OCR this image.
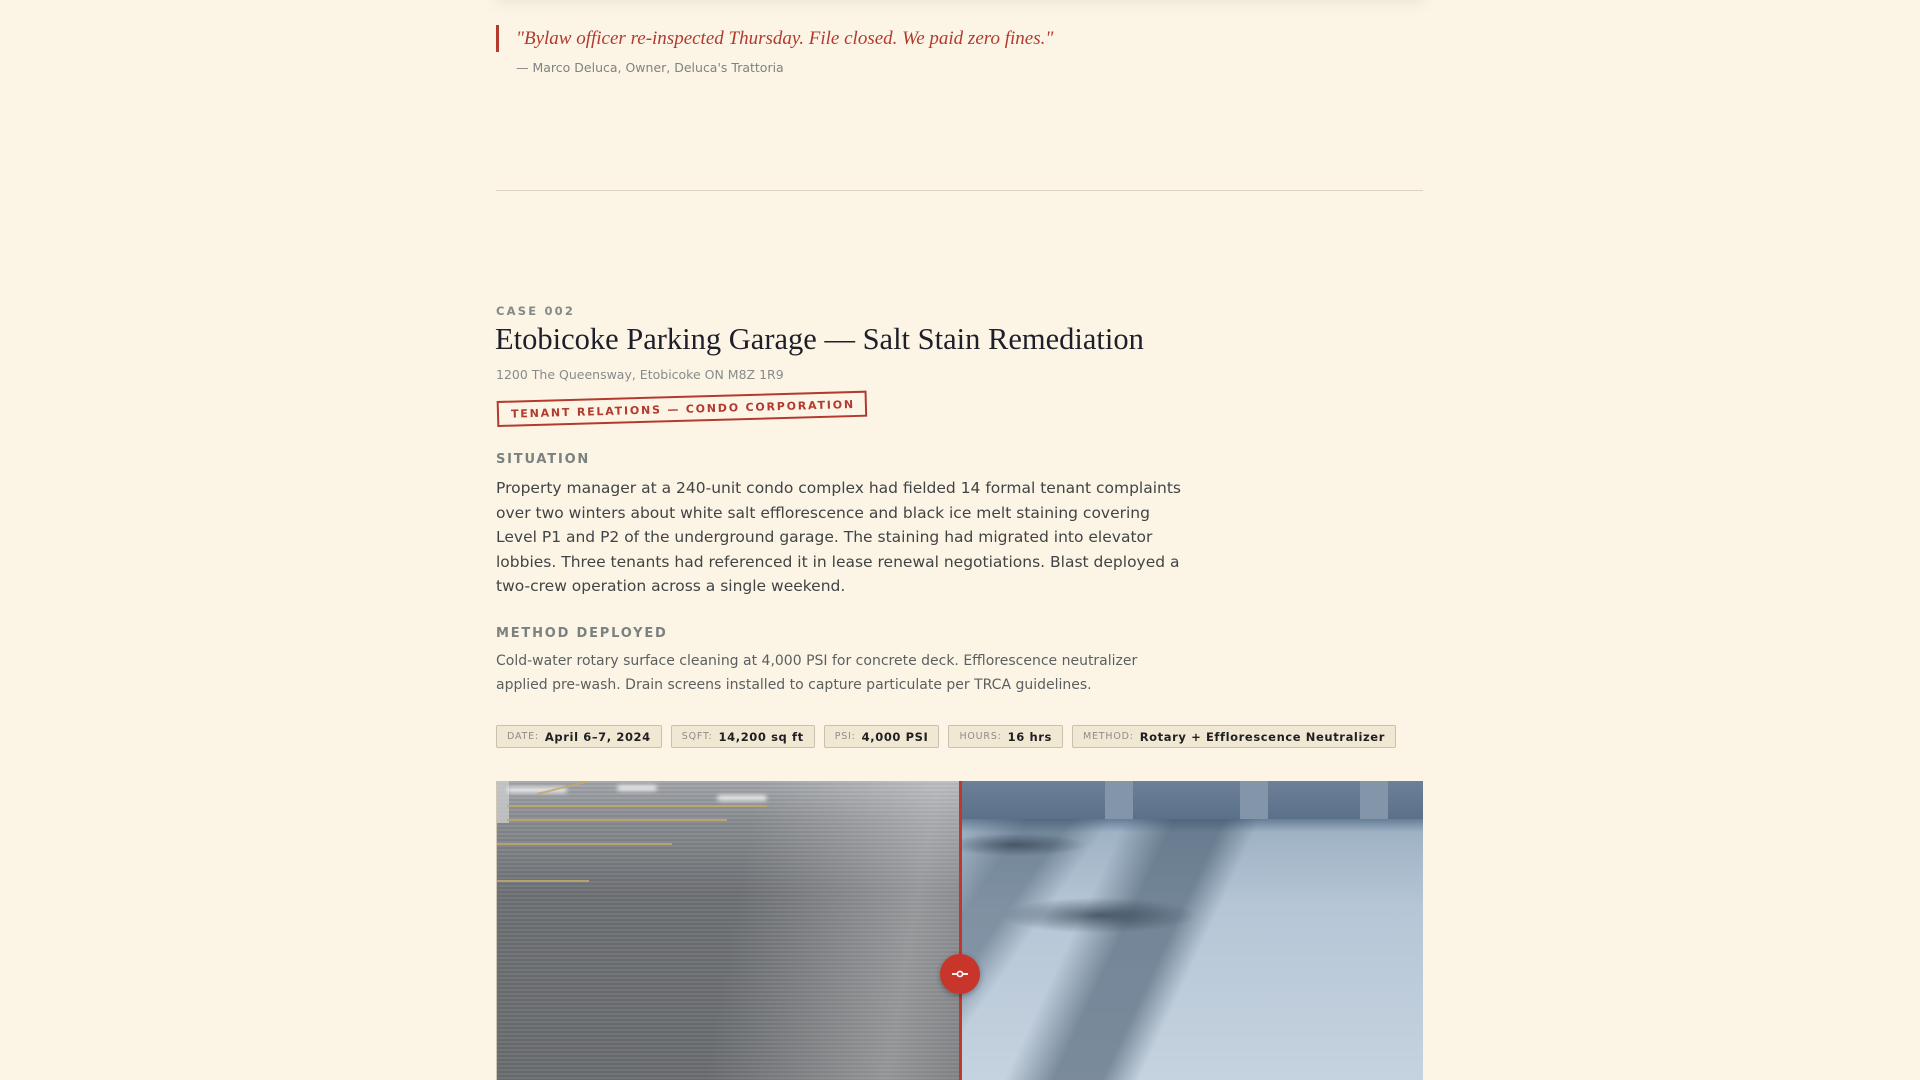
"Bylaw officer re-inspected Thursday. File closed. We paid zero fines."
— Marco Deluca, Owner, Deluca's Trattoria
CASE 002
Etobicoke Parking Garage — Salt Stain Remediation
1200 The Queensway, Etobicoke ON M8Z 1R9
TENANT RELATIONS — CONDO CORPORATION
SITUATION

Property manager at a 240-unit condo complex had fielded 14 formal tenant complaints over two winters about white salt efflorescence and black ice melt staining covering Level P1 and P2 of the underground garage. The staining had migrated into elevator lobbies. Three tenants had referenced it in lease renewal negotiations. Blast deployed a two-crew operation across a single weekend.

METHOD DEPLOYED

Cold-water rotary surface cleaning at 4,000 PSI for concrete deck. Efflorescence neutralizer applied pre-wash. Drain screens installed to capture particulate per TRCA guidelines.

DATE: April 6–7, 2024	SQFT: 14,200 sq ft	PSI: 4,000 PSI	HOURS: 16 hrs	METHOD: Rotary + Efflorescence Neutralizer
